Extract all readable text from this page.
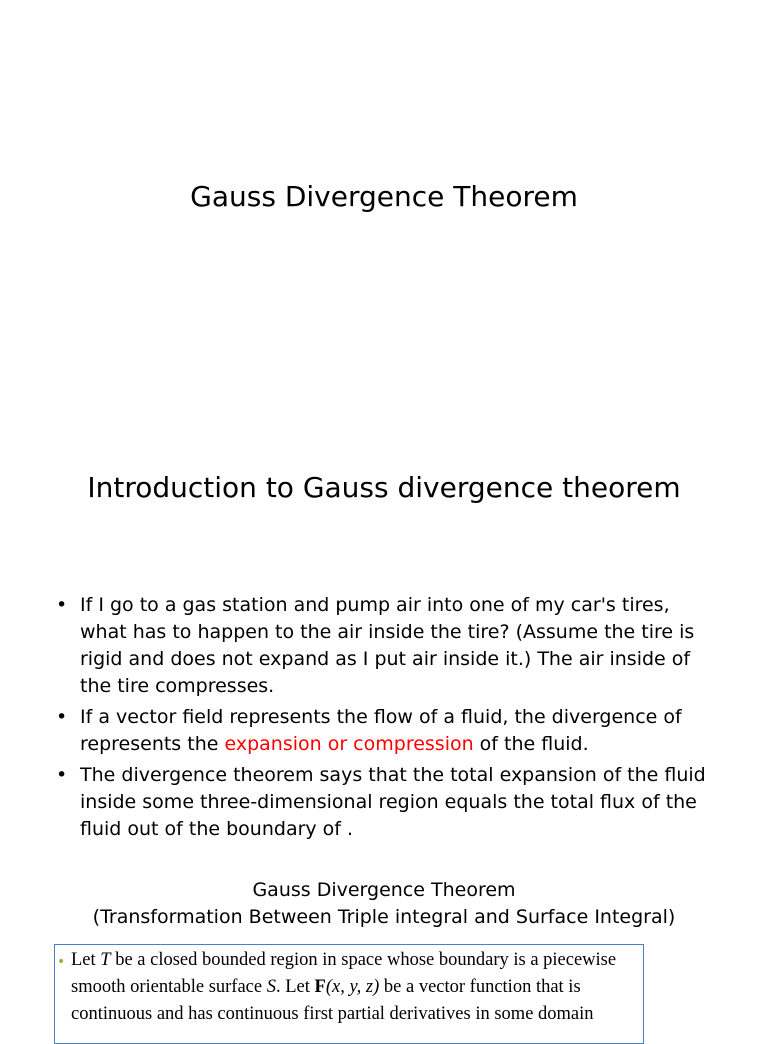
Gauss Divergence Theorem
Introduction to Gauss divergence theorem
• If I go to a gas station and pump air into one of my car's tires, what has to happen to the air inside the tire? (Assume the tire is rigid and does not expand as I put air inside it.) The air inside of the tire compresses.
• If a vector field represents the flow of a fluid, the divergence of represents the expansion or compression of the fluid.
• The divergence theorem says that the total expansion of the fluid inside some three-dimensional region equals the total flux of the fluid out of the boundary of .
Gauss Divergence Theorem
(Transformation Between Triple integral and Surface Integral)
• Let T be a closed bounded region in space whose boundary is a piecewise

smooth orientable surface S. Let F(x, y, z) be a vector function that is

continuous and has continuous first partial derivatives in some domain
